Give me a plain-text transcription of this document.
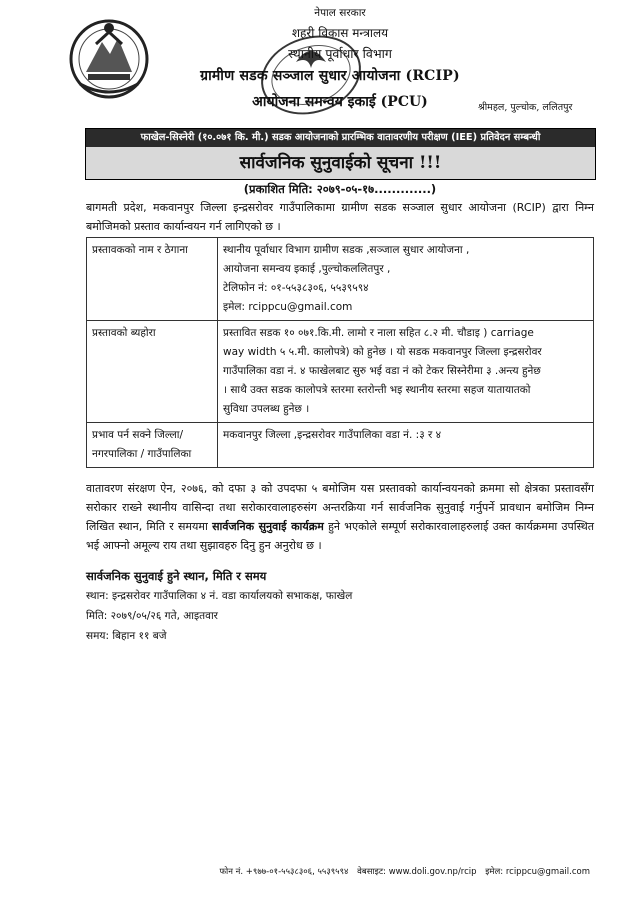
नेपाल सरकार
शहरी विकास मन्त्रालय
स्थानीय पूर्वाधार विभाग
ग्रामीण सडक सञ्जाल सुधार आयोजना (RCIP)
आयोजना समन्वय इकाई (PCU)	श्रीमहल, पुल्चोक, ललितपुर
फाखेल-सिस्नेरी (१०.०७१ कि. मी.) सडक आयोजनाको प्रारम्भिक वातावरणीय परीक्षण (IEE) प्रतिवेदन सम्बन्धी
सार्वजनिक सुनुवाईको सूचना !!!
(प्रकाशित मिति: २०७९-०५-१७.............)
बागमती प्रदेश, मकवानपुर जिल्ला इन्द्रसरोवर गाउँपालिकामा ग्रामीण सडक सञ्जाल सुधार आयोजना (RCIP) द्वारा निम्न बमोजिमको प्रस्ताव कार्यान्वयन गर्न लागिएको छ ।
प्रस्तावकको नाम र ठेगाना	स्थानीय पूर्वाधार विभाग ग्रामीण सडक ,सञ्जाल सुधार आयोजना ,
आयोजना समन्वय इकाई ,पुल्चोकललितपुर ,
टेलिफोन नं: ०१-५५३८३०६, ५५३९५९४
इमेल: rcippcu@gmail.com

प्रस्तावको ब्यहोरा	प्रस्तावित सडक १० ०७१.कि.मी. लामो र नाला सहित ८.२ मी. चौडाइ ) carriage
way width ५ ५.मी. कालोपत्रे) को हुनेछ । यो सडक मकवानपुर जिल्ला इन्द्रसरोवर
गाउँपालिका वडा नं. ४ फाखेलबाट सुरु भई वडा नं को टेकर सिस्नेरीमा ३ .अन्त्य हुनेछ
। साथै उक्त सडक कालोपत्रे स्तरमा स्तरोन्ती भइ स्थानीय स्तरमा सहज यातायातको
सुविधा उपलब्ध हुनेछ ।

प्रभाव पर्न सक्ने जिल्ला/ नगरपालिका / गाउँपालिका	मकवानपुर जिल्ला ,इन्द्रसरोवर गाउँपालिका वडा नं. :३ र ४
वातावरण संरक्षण ऐन, २०७६, को दफा ३ को उपदफा ५ बमोजिम यस प्रस्तावको कार्यान्वयनको क्रममा सो क्षेत्रका प्रस्तावसँग सरोकार राख्ने स्थानीय वासिन्दा तथा सरोकारवालाहरुसंग अन्तरक्रिया गर्न सार्वजनिक सुनुवाई गर्नुपर्ने प्रावधान बमोजिम निम्न लिखित स्थान, मिति र समयमा सार्वजनिक सुनुवाई कार्यक्रम हुने भएकोले सम्पूर्ण सरोकारवालाहरुलाई उक्त कार्यक्रममा उपस्थित भई आफ्नो अमूल्य राय तथा सुझावहरु दिनु हुन अनुरोध छ ।
सार्वजनिक सुनुवाई हुने स्थान, मिति र समय
स्थान: इन्द्रसरोवर गाउँपालिका ४ नं. वडा कार्यालयको सभाकक्ष, फाखेल
मिति: २०७९/०५/२६ गते, आइतवार
समय: बिहान ११ बजे
फोन नं. +९७७-०१-५५३८३०६, ५५३९५९४ वेबसाइट: www.doli.gov.np/rcip इमेल: rcippcu@gmail.com
